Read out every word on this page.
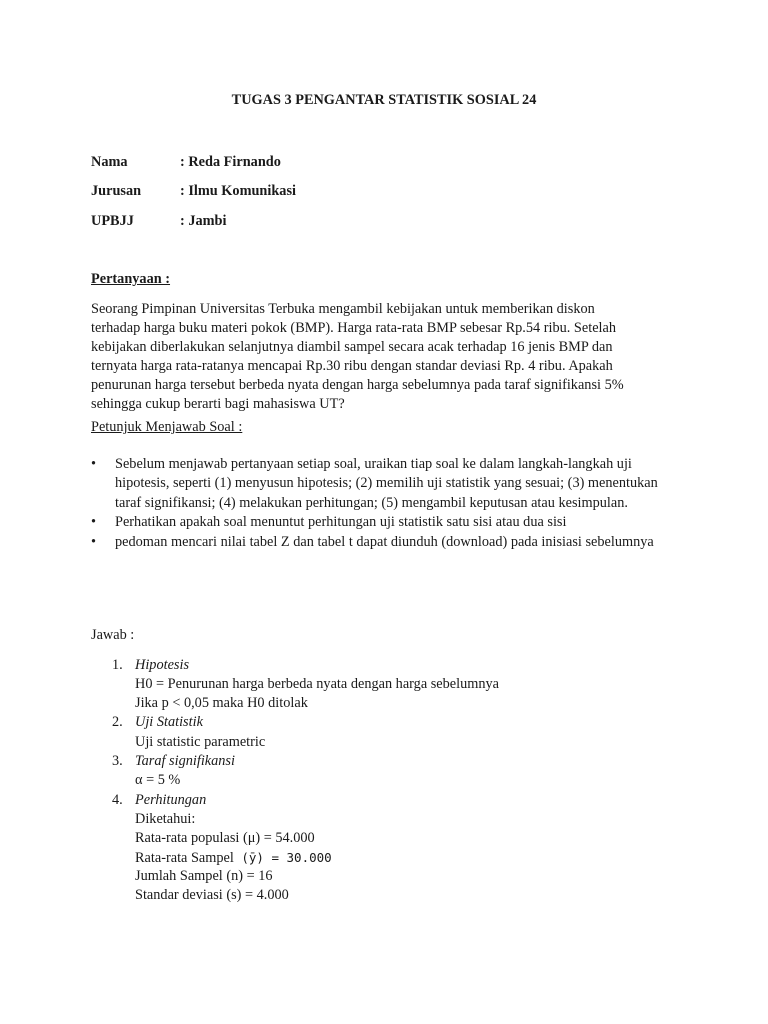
TUGAS 3 PENGANTAR STATISTIK SOSIAL 24
Nama	: Reda Firnando
Jurusan	: Ilmu Komunikasi
UPBJJ	: Jambi
Pertanyaan :
Seorang Pimpinan Universitas Terbuka mengambil kebijakan untuk memberikan diskon
terhadap harga buku materi pokok (BMP). Harga rata-rata BMP sebesar Rp.54 ribu. Setelah
kebijakan diberlakukan selanjutnya diambil sampel secara acak terhadap 16 jenis BMP dan
ternyata harga rata-ratanya mencapai Rp.30 ribu dengan standar deviasi Rp. 4 ribu. Apakah
penurunan harga tersebut berbeda nyata dengan harga sebelumnya pada taraf signifikansi 5%
sehingga cukup berarti bagi mahasiswa UT?
Petunjuk Menjawab Soal :
• Sebelum menjawab pertanyaan setiap soal, uraikan tiap soal ke dalam langkah-langkah uji hipotesis, seperti (1) menyusun hipotesis; (2) memilih uji statistik yang sesuai; (3) menentukan taraf signifikansi; (4) melakukan perhitungan; (5) mengambil keputusan atau kesimpulan.
• Perhatikan apakah soal menuntut perhitungan uji statistik satu sisi atau dua sisi
• pedoman mencari nilai tabel Z dan tabel t dapat diunduh (download) pada inisiasi sebelumnya
Jawab :
1. Hipotesis
H0 = Penurunan harga berbeda nyata dengan harga sebelumnya
Jika p < 0,05 maka H0 ditolak
2. Uji Statistik
Uji statistic parametric
3. Taraf signifikansi
α = 5 %
4. Perhitungan
Diketahui:
Rata-rata populasi (μ) = 54.000
Rata-rata Sampel (ȳ) = 30.000
Jumlah Sampel (n) = 16
Standar deviasi (s) = 4.000
